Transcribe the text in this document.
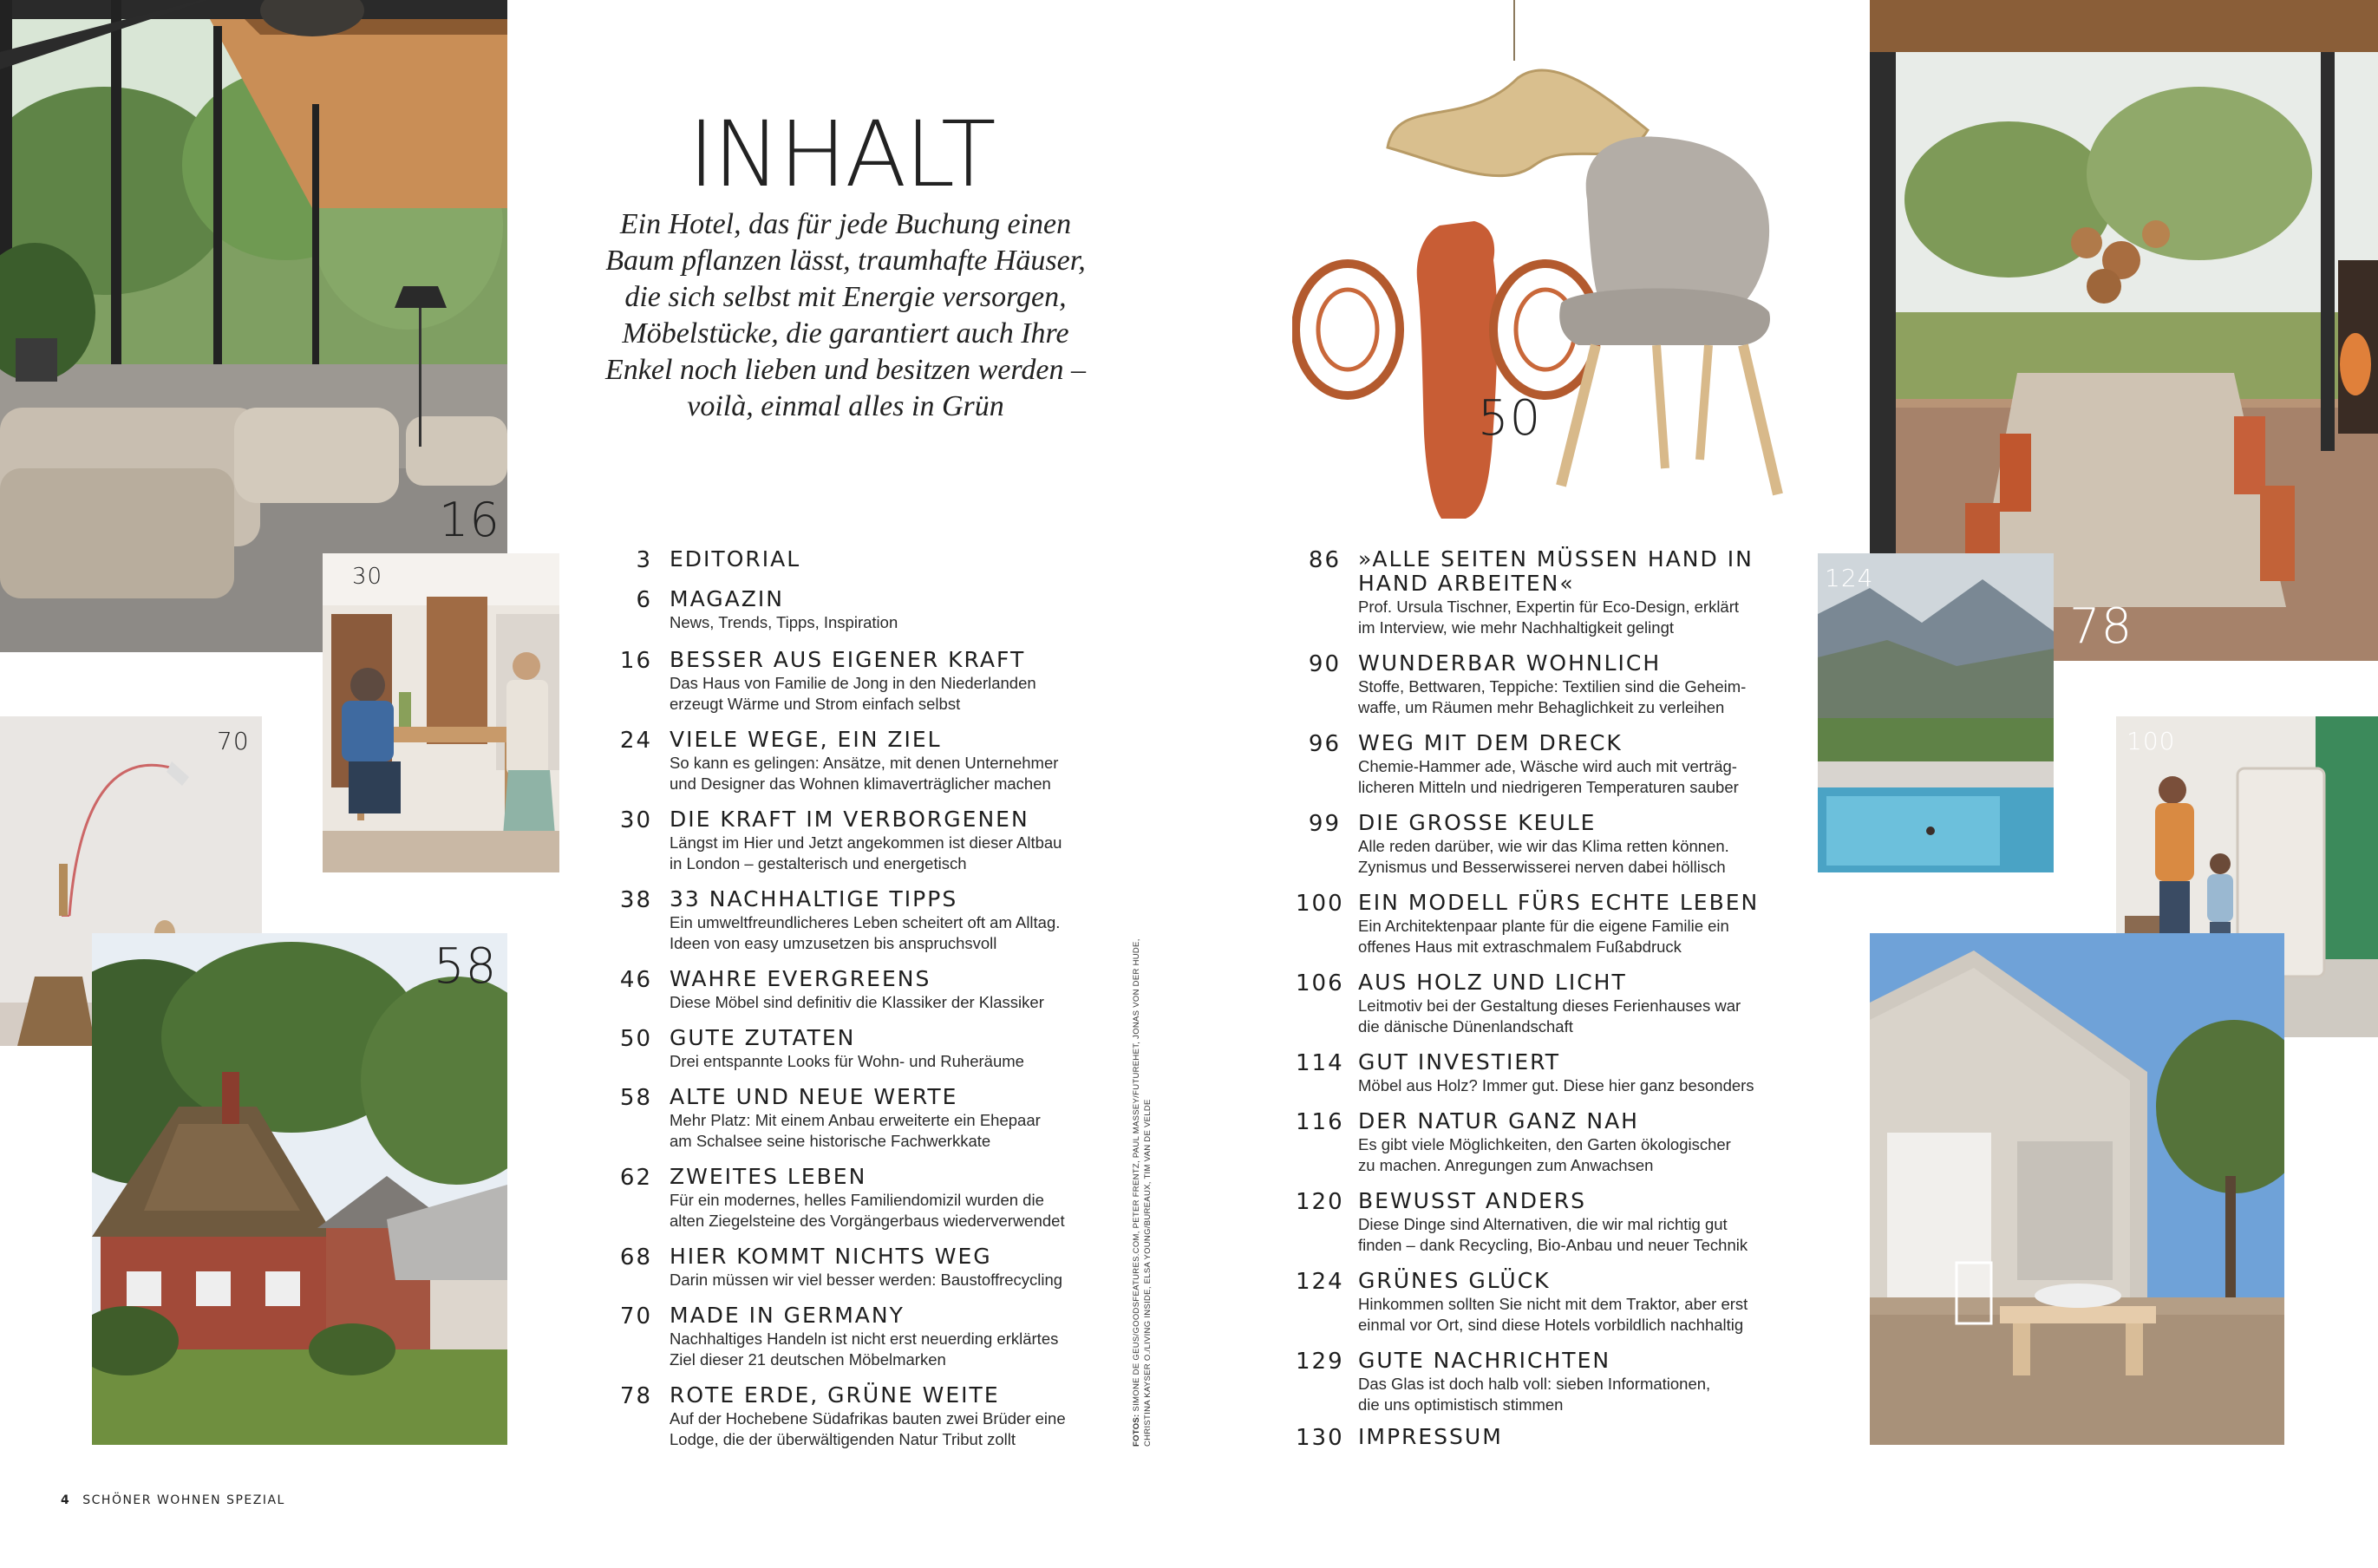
16
30
70
58
50
78
124
100
INHALT
Ein Hotel, das für jede Buchung einen
Baum pflanzen lässt, traumhafte Häuser,
die sich selbst mit Energie versorgen,
Möbelstücke, die garantiert auch Ihre
Enkel noch lieben und besitzen werden –
voilà, einmal alles in Grün
3 EDITORIAL
6 MAGAZIN
News, Trends, Tipps, Inspiration
16 BESSER AUS EIGENER KRAFT
Das Haus von Familie de Jong in den Niederlanden
erzeugt Wärme und Strom einfach selbst
24 VIELE WEGE, EIN ZIEL
So kann es gelingen: Ansätze, mit denen Unternehmer
und Designer das Wohnen klimaverträglicher machen
30 DIE KRAFT IM VERBORGENEN
Längst im Hier und Jetzt angekommen ist dieser Altbau
in London – gestalterisch und energetisch
38 33 NACHHALTIGE TIPPS
Ein umweltfreundlicheres Leben scheitert oft am Alltag.
Ideen von easy umzusetzen bis anspruchsvoll
46 WAHRE EVERGREENS
Diese Möbel sind definitiv die Klassiker der Klassiker
50 GUTE ZUTATEN
Drei entspannte Looks für Wohn- und Ruheräume
58 ALTE UND NEUE WERTE
Mehr Platz: Mit einem Anbau erweiterte ein Ehepaar
am Schalsee seine historische Fachwerkkate
62 ZWEITES LEBEN
Für ein modernes, helles Familiendomizil wurden die
alten Ziegelsteine des Vorgängerbaus wiederverwendet
68 HIER KOMMT NICHTS WEG
Darin müssen wir viel besser werden: Baustoffrecycling
70 MADE IN GERMANY
Nachhaltiges Handeln ist nicht erst neuerding erklärtes
Ziel dieser 21 deutschen Möbelmarken
78 ROTE ERDE, GRÜNE WEITE
Auf der Hochebene Südafrikas bauten zwei Brüder eine
Lodge, die der überwältigenden Natur Tribut zollt	FOTOS: SIMONE DE GEUS/GOODSFEATURES.COM, PETER FRENTZ, PAUL MASSEY/FUTUREHET, JONAS VON DER HUDE, CHRISTINA KAYSER O./LIVING INSIDE, ELSA YOUNG/BUREAUX, TIM VAN DE VELDE
86 »ALLE SEITEN MÜSSEN HAND IN
HAND ARBEITEN«
Prof. Ursula Tischner, Expertin für Eco-Design, erklärt
im Interview, wie mehr Nachhaltigkeit gelingt
90 WUNDERBAR WOHNLICH
Stoffe, Bettwaren, Teppiche: Textilien sind die Geheim-
waffe, um Räumen mehr Behaglichkeit zu verleihen
96 WEG MIT DEM DRECK
Chemie-Hammer ade, Wäsche wird auch mit verträg-
licheren Mitteln und niedrigeren Temperaturen sauber
99 DIE GROSSE KEULE
Alle reden darüber, wie wir das Klima retten können.
Zynismus und Besserwisserei nerven dabei höllisch
100 EIN MODELL FÜRS ECHTE LEBEN
Ein Architektenpaar plante für die eigene Familie ein
offenes Haus mit extraschmalem Fußabdruck
106 AUS HOLZ UND LICHT
Leitmotiv bei der Gestaltung dieses Ferienhauses war
die dänische Dünenlandschaft
114 GUT INVESTIERT
Möbel aus Holz? Immer gut. Diese hier ganz besonders
116 DER NATUR GANZ NAH
Es gibt viele Möglichkeiten, den Garten ökologischer
zu machen. Anregungen zum Anwachsen
120 BEWUSST ANDERS
Diese Dinge sind Alternativen, die wir mal richtig gut
finden – dank Recycling, Bio-Anbau und neuer Technik
124 GRÜNES GLÜCK
Hinkommen sollten Sie nicht mit dem Traktor, aber erst
einmal vor Ort, sind diese Hotels vorbildlich nachhaltig
129 GUTE NACHRICHTEN
Das Glas ist doch halb voll: sieben Informationen,
die uns optimistisch stimmen
130 IMPRESSUM
4 SCHÖNER WOHNEN SPEZIAL
